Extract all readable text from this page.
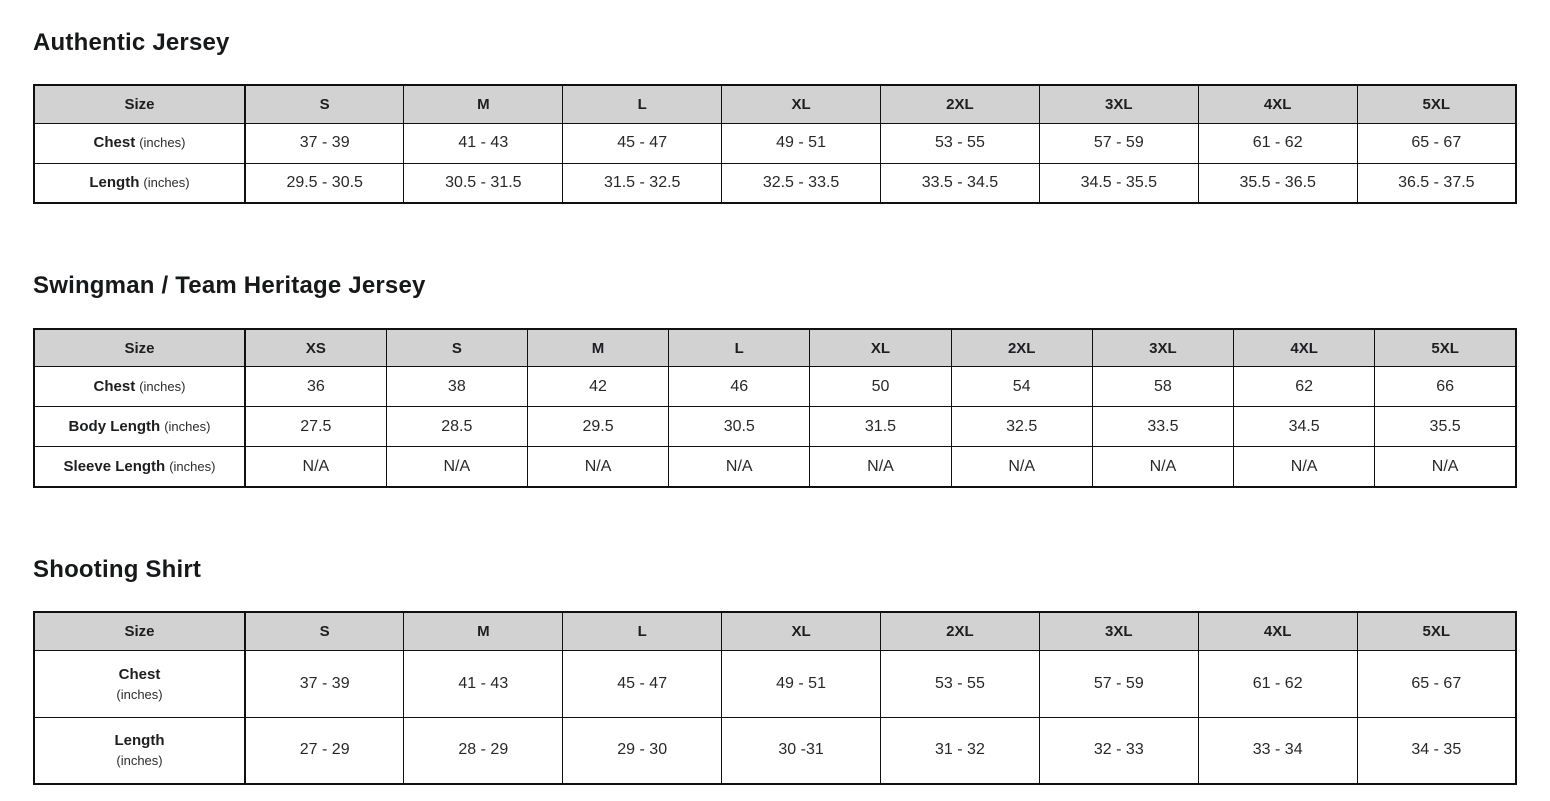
Authentic Jersey
Size	S	M	L	XL	2XL	3XL	4XL	5XL
Chest (inches)	37 - 39	41 - 43	45 - 47	49 - 51	53 - 55	57 - 59	61 - 62	65 - 67
Length (inches)	29.5 - 30.5	30.5 - 31.5	31.5 - 32.5	32.5 - 33.5	33.5 - 34.5	34.5 - 35.5	35.5 - 36.5	36.5 - 37.5
Swingman / Team Heritage Jersey
Size	XS	S	M	L	XL	2XL	3XL	4XL	5XL
Chest (inches)	36	38	42	46	50	54	58	62	66
Body Length (inches)	27.5	28.5	29.5	30.5	31.5	32.5	33.5	34.5	35.5
Sleeve Length (inches)	N/A	N/A	N/A	N/A	N/A	N/A	N/A	N/A	N/A
Shooting Shirt
Size	S	M	L	XL	2XL	3XL	4XL	5XL
Chest
(inches)	37 - 39	41 - 43	45 - 47	49 - 51	53 - 55	57 - 59	61 - 62	65 - 67
Length
(inches)	27 - 29	28 - 29	29 - 30	30 -31	31 - 32	32 - 33	33 - 34	34 - 35
